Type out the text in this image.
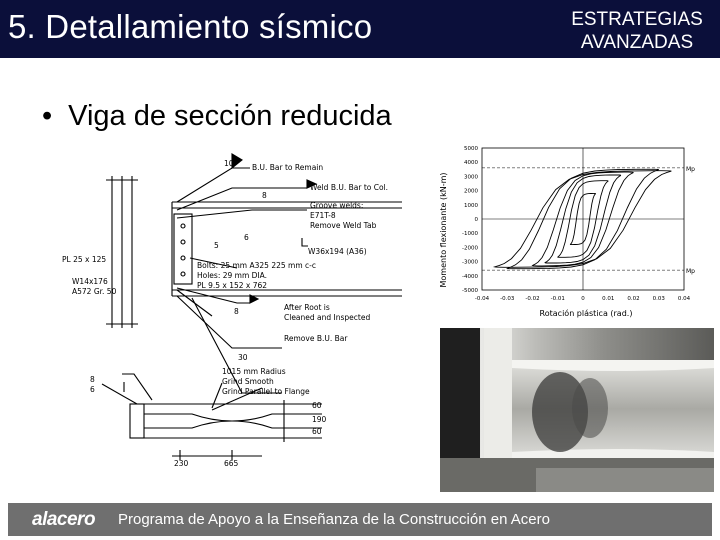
5. Detallamiento sísmico	ESTRATEGIAS
AVANZADAS
• Viga de sección reducida
B.U. Bar to Remain
10
Weld B.U. Bar to Col.
Groove welds:
E71T-8
Remove Weld Tab
PL 25 x 125
W14x176
A572 Gr. 50
W36x194 (A36)
Bolts: 25 mm A325 225 mm c-c
Holes: 29 mm DIA.
PL 9.5 x 152 x 762
After Root is
Cleaned and Inspected
Remove B.U. Bar
1015 mm Radius
Grind Smooth
Grind Parallel to Flange
60
190
60
230	665
5
6
8
6
8
8
30
Momento flexionante (kN-m)
Rotación plástica (rad.)
Mp
Mp
5000
4000
3000
2000
1000
0
-1000
-2000
-3000
-4000
-5000
-0.04 -0.03 -0.02 -0.01	0	0.01 0.02 0.03 0.04
alacero Programa de Apoyo a la Enseñanza de la Construcción en Acero
